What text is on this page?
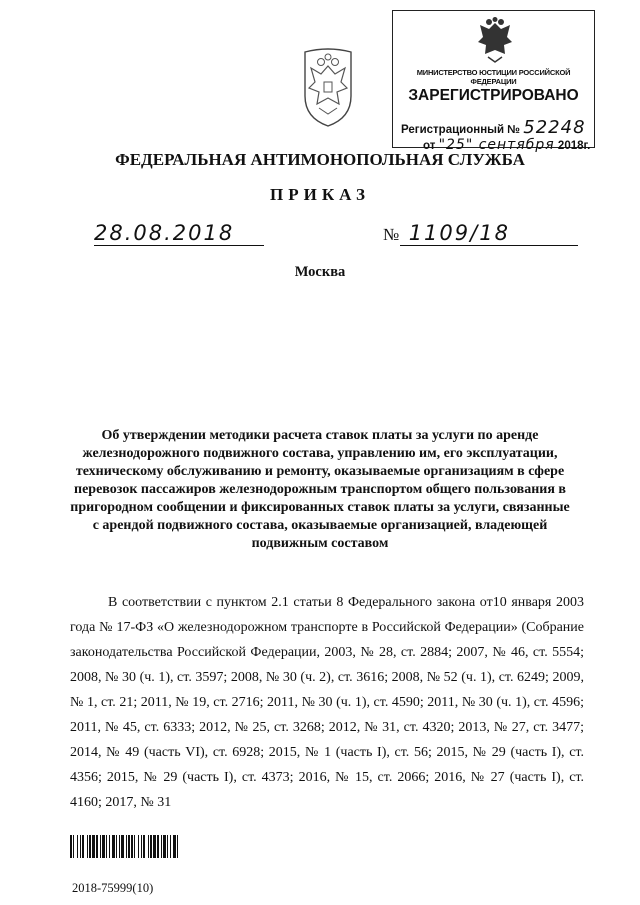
МИНИСТЕРСТВО ЮСТИЦИИ РОССИЙСКОЙ ФЕДЕРАЦИИ
ЗАРЕГИСТРИРОВАНО
Регистрационный № 52248
от "25" сентября 2018г.
ФЕДЕРАЛЬНАЯ АНТИМОНОПОЛЬНАЯ СЛУЖБА
ПРИКАЗ
28.08.2018	№ 1109/18
Москва
Об утверждении методики расчета ставок платы за услуги по аренде железнодорожного подвижного состава, управлению им, его эксплуатации, техническому обслуживанию и ремонту, оказываемые организациям в сфере перевозок пассажиров железнодорожным транспортом общего пользования в пригородном сообщении и фиксированных ставок платы за услуги, связанные с арендой подвижного состава, оказываемые организацией, владеющей подвижным составом

В соответствии с пунктом 2.1 статьи 8 Федерального закона от10 января 2003 года № 17-ФЗ «О железнодорожном транспорте в Российской Федерации» (Собрание законодательства Российской Федерации, 2003, № 28, ст. 2884; 2007, № 46, ст. 5554; 2008, № 30 (ч. 1), ст. 3597; 2008, № 30 (ч. 2), ст. 3616; 2008, № 52 (ч. 1), ст. 6249; 2009, № 1, ст. 21; 2011, № 19, ст. 2716; 2011, № 30 (ч. 1), ст. 4590; 2011, № 30 (ч. 1), ст. 4596; 2011, № 45, ст. 6333; 2012, № 25, ст. 3268; 2012, № 31, ст. 4320; 2013, № 27, ст. 3477; 2014, № 49 (часть VI), ст. 6928; 2015, № 1 (часть I), ст. 56; 2015, № 29 (часть I), ст. 4356; 2015, № 29 (часть I), ст. 4373; 2016, № 15, ст. 2066; 2016, № 27 (часть I), ст. 4160; 2017, № 31

2018-75999(10)
